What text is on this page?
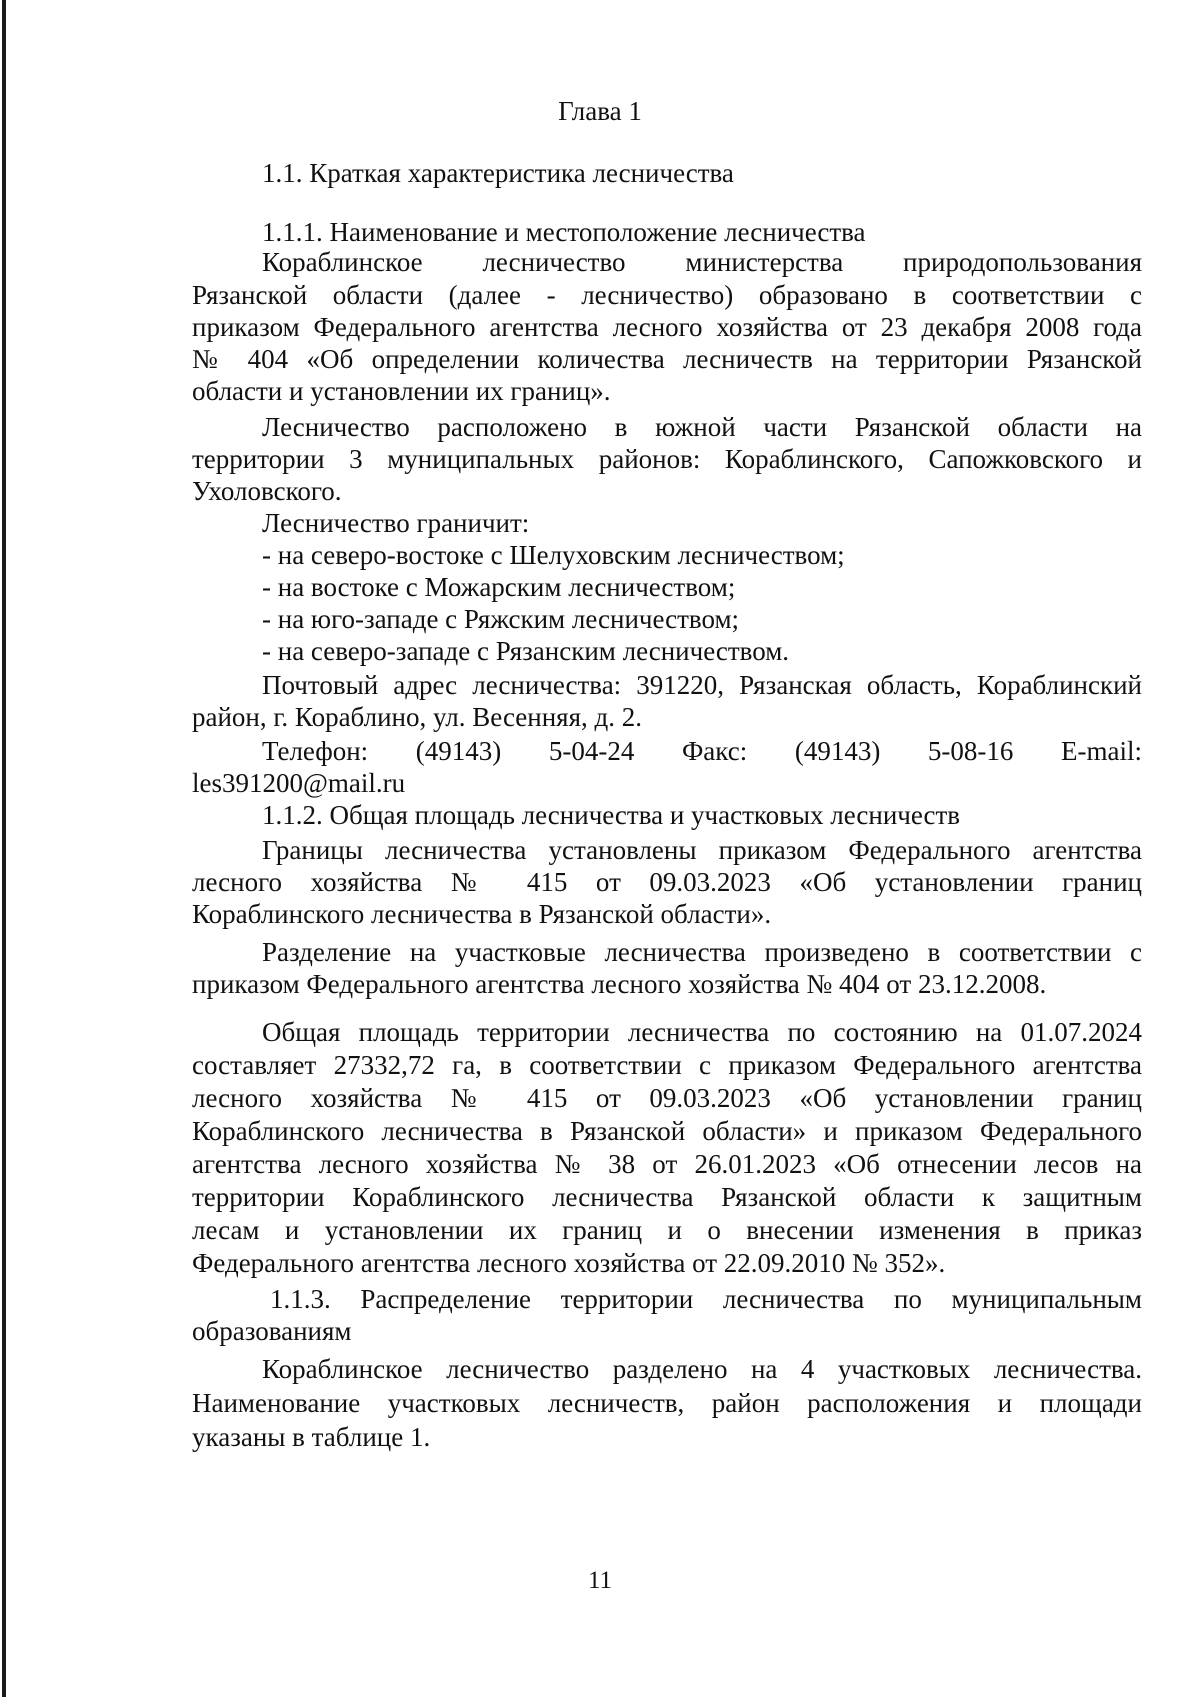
Глава 1
1.1. Краткая характеристика лесничества
1.1.1. Наименование и местоположение лесничества
Кораблинское лесничество министерства природопользования
Рязанской области (далее - лесничество) образовано в соответствии с
приказом Федерального агентства лесного хозяйства от 23 декабря 2008 года
№ 404 «Об определении количества лесничеств на территории Рязанской
области и установлении их границ».
Лесничество расположено в южной части Рязанской области на
территории 3 муниципальных районов: Кораблинского, Сапожковского и
Ухоловского.
Лесничество граничит:
- на северо-востоке с Шелуховским лесничеством;
- на востоке с Можарским лесничеством;
- на юго-западе с Ряжским лесничеством;
- на северо-западе с Рязанским лесничеством.
Почтовый адрес лесничества: 391220, Рязанская область, Кораблинский
район, г. Кораблино, ул. Весенняя, д. 2.
Телефон: (49143) 5-04-24 Факс: (49143) 5-08-16 E-mail:
les391200@mail.ru
1.1.2. Общая площадь лесничества и участковых лесничеств
Границы лесничества установлены приказом Федерального агентства
лесного хозяйства № 415 от 09.03.2023 «Об установлении границ
Кораблинского лесничества в Рязанской области».
Разделение на участковые лесничества произведено в соответствии с
приказом Федерального агентства лесного хозяйства № 404 от 23.12.2008.
Общая площадь территории лесничества по состоянию на 01.07.2024
составляет 27332,72 га, в соответствии с приказом Федерального агентства
лесного хозяйства № 415 от 09.03.2023 «Об установлении границ
Кораблинского лесничества в Рязанской области» и приказом Федерального
агентства лесного хозяйства № 38 от 26.01.2023 «Об отнесении лесов на
территории Кораблинского лесничества Рязанской области к защитным
лесам и установлении их границ и о внесении изменения в приказ
Федерального агентства лесного хозяйства от 22.09.2010 № 352».
1.1.3. Распределение территории лесничества по муниципальным
образованиям
Кораблинское лесничество разделено на 4 участковых лесничества.
Наименование участковых лесничеств, район расположения и площади
указаны в таблице 1.
11
